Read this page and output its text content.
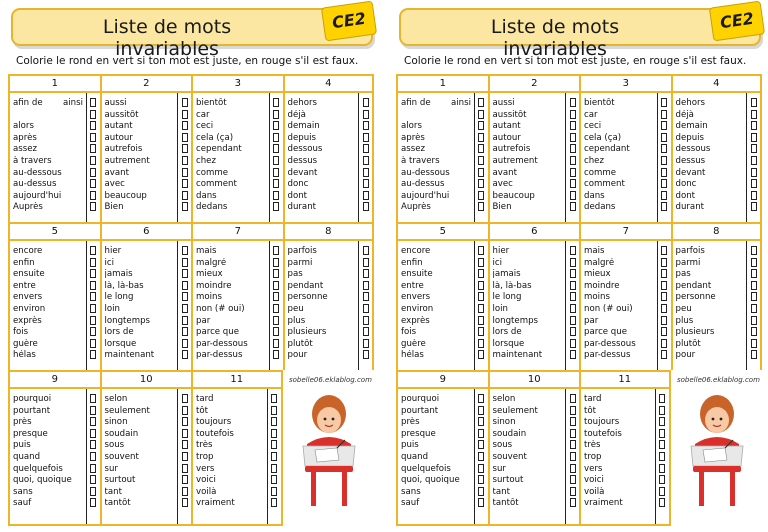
Liste de mots
invariables
CE2
Colorie le rond en vert si ton mot est juste, en rouge s'il est faux.
1
afin de ainsi

alors
après
assez
à travers
au-dessous
au-dessus
aujourd'hui
Auprès
2
aussi
aussitôt
autant
autour
autrefois
autrement
avant
avec
beaucoup
Bien
3
bientôt
car
ceci
cela (ça)
cependant
chez
comme
comment
dans
dedans
4
dehors
déjà
demain
depuis
dessous
dessus
devant
donc
dont
durant
5
encore
enfin
ensuite
entre
envers
environ
exprès
fois
guère
hélas
6
hier
ici
jamais
là, là-bas
le long
loin
longtemps
lors de
lorsque
maintenant
7
mais
malgré
mieux
moindre
moins
non (# oui)
par
parce que
par-dessous
par-dessus
8
parfois
parmi
pas
pendant
personne
peu
plus
plusieurs
plutôt
pour
9
pourquoi
pourtant
près
presque
puis
quand
quelquefois
quoi, quoique
sans
sauf
10
selon
seulement
sinon
soudain
sous
souvent
sur
surtout
tant
tantôt
11
tard
tôt
toujours
toutefois
très
trop
vers
voici
voilà
vraiment
sobelle06.eklablog.com
Liste de mots
invariables
CE2
Colorie le rond en vert si ton mot est juste, en rouge s'il est faux.
1
afin de ainsi

alors
après
assez
à travers
au-dessous
au-dessus
aujourd'hui
Auprès
2
aussi
aussitôt
autant
autour
autrefois
autrement
avant
avec
beaucoup
Bien
3
bientôt
car
ceci
cela (ça)
cependant
chez
comme
comment
dans
dedans
4
dehors
déjà
demain
depuis
dessous
dessus
devant
donc
dont
durant
5
encore
enfin
ensuite
entre
envers
environ
exprès
fois
guère
hélas
6
hier
ici
jamais
là, là-bas
le long
loin
longtemps
lors de
lorsque
maintenant
7
mais
malgré
mieux
moindre
moins
non (# oui)
par
parce que
par-dessous
par-dessus
8
parfois
parmi
pas
pendant
personne
peu
plus
plusieurs
plutôt
pour
9
pourquoi
pourtant
près
presque
puis
quand
quelquefois
quoi, quoique
sans
sauf
10
selon
seulement
sinon
soudain
sous
souvent
sur
surtout
tant
tantôt
11
tard
tôt
toujours
toutefois
très
trop
vers
voici
voilà
vraiment
sobelle06.eklablog.com
